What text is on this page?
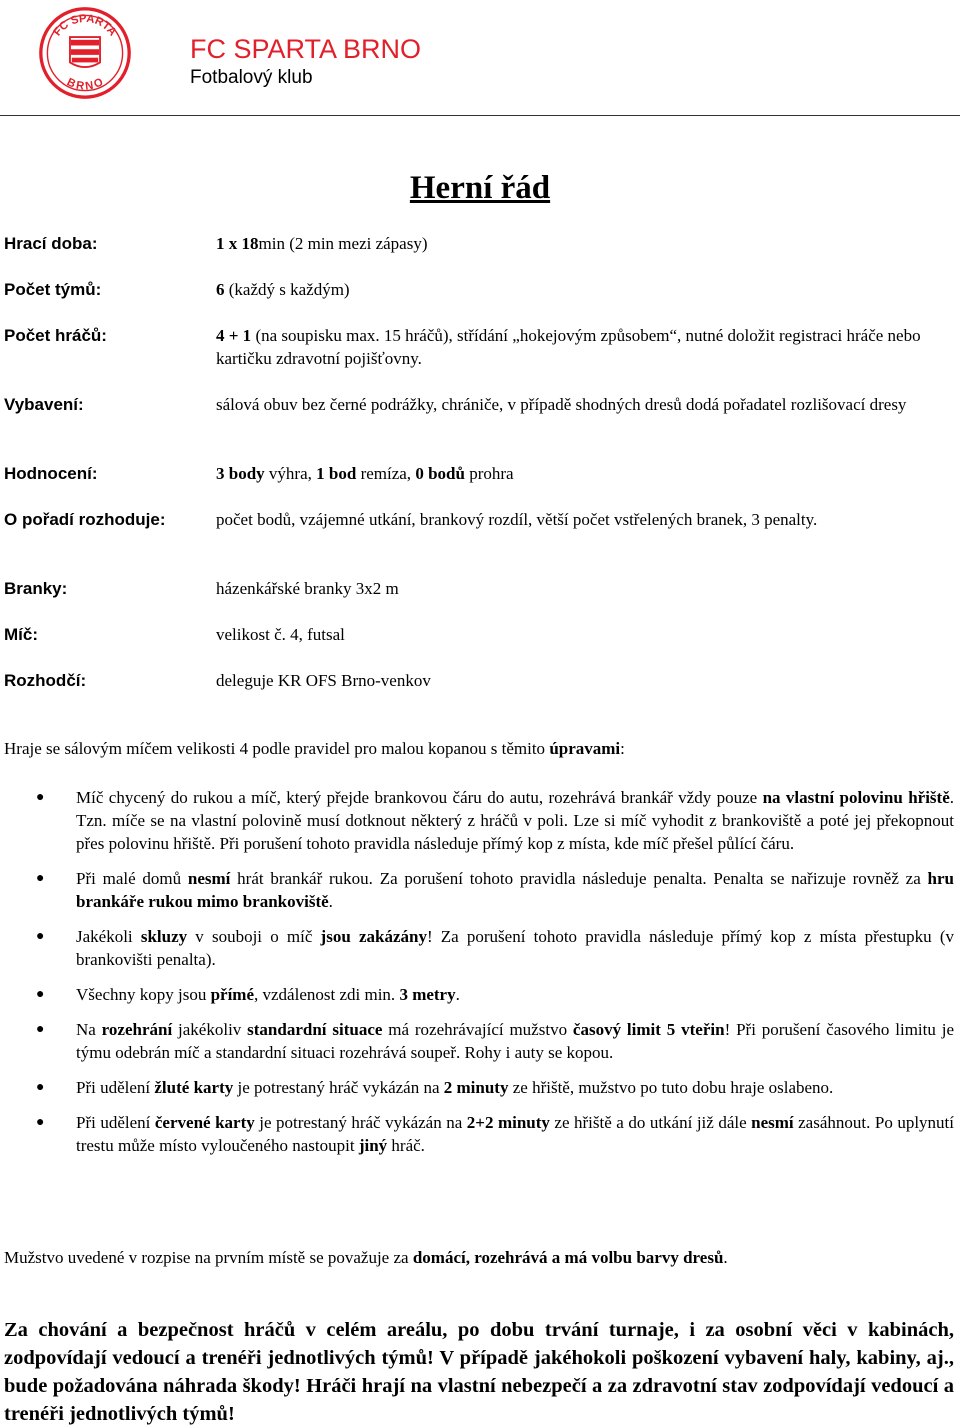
FC SPARTA
BRNO
FC SPARTA BRNO
Fotbalový klub
Herní řád
Hrací doba:	1 x 18min (2 min mezi zápasy)
Počet týmů:	6 (každý s každým)
Počet hráčů:	4 + 1 (na soupisku max. 15 hráčů), střídání „hokejovým způsobem“, nutné doložit registraci hráče nebo kartičku zdravotní pojišťovny.
Vybavení:	sálová obuv bez černé podrážky, chrániče, v případě shodných dresů dodá pořadatel rozlišovací dresy
Hodnocení:	3 body výhra, 1 bod remíza, 0 bodů prohra
O pořadí rozhoduje:	počet bodů, vzájemné utkání, brankový rozdíl, větší počet vstřelených branek, 3 penalty.
Branky:	házenkářské branky 3x2 m
Míč:	velikost č. 4, futsal
Rozhodčí:	deleguje KR OFS Brno-venkov

Hraje se sálovým míčem velikosti 4 podle pravidel pro malou kopanou s těmito úpravami:

● Míč chycený do rukou a míč, který přejde brankovou čáru do autu, rozehrává brankář vždy pouze na vlastní polovinu hřiště. Tzn. míče se na vlastní polovině musí dotknout některý z hráčů v poli. Lze si míč vyhodit z brankoviště a poté jej překopnout přes polovinu hřiště. Při porušení tohoto pravidla následuje přímý kop z místa, kde míč přešel půlící čáru.
● Při malé domů nesmí hrát brankář rukou. Za porušení tohoto pravidla následuje penalta. Penalta se nařizuje rovněž za hru brankáře rukou mimo brankoviště.
● Jakékoli skluzy v souboji o míč jsou zakázány! Za porušení tohoto pravidla následuje přímý kop z místa přestupku (v brankovišti penalta).
● Všechny kopy jsou přímé, vzdálenost zdi min. 3 metry.
● Na rozehrání jakékoliv standardní situace má rozehrávající mužstvo časový limit 5 vteřin! Při porušení časového limitu je týmu odebrán míč a standardní situaci rozehrává soupeř. Rohy i auty se kopou.
● Při udělení žluté karty je potrestaný hráč vykázán na 2 minuty ze hřiště, mužstvo po tuto dobu hraje oslabeno.
● Při udělení červené karty je potrestaný hráč vykázán na 2+2 minuty ze hřiště a do utkání již dále nesmí zasáhnout. Po uplynutí trestu může místo vyloučeného nastoupit jiný hráč.

Mužstvo uvedené v rozpise na prvním místě se považuje za domácí, rozehrává a má volbu barvy dresů.

Za chování a bezpečnost hráčů v celém areálu, po dobu trvání turnaje, i za osobní věci v kabinách, zodpovídají vedoucí a trenéři jednotlivých týmů! V případě jakéhokoli poškození vybavení haly, kabiny, aj., bude požadována náhrada škody! Hráči hrají na vlastní nebezpečí a za zdravotní stav zodpovídají vedoucí a trenéři jednotlivých týmů!
